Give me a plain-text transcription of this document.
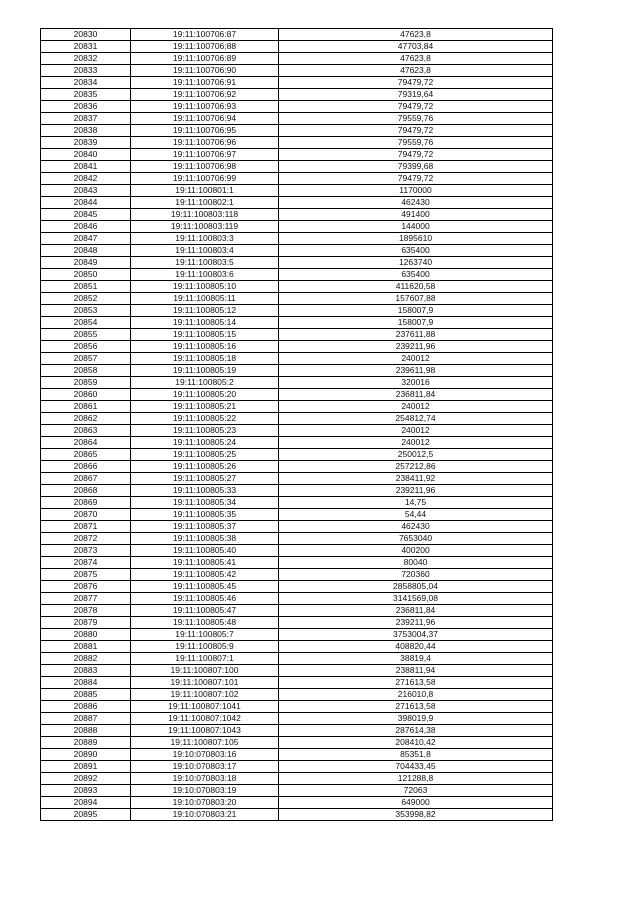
20830	19:11:100706:87	47623,8
20831	19:11:100706:88	47703,84
20832	19:11:100706:89	47623,8
20833	19:11:100706:90	47623,8
20834	19:11:100706:91	79479,72
20835	19:11:100706:92	79319,64
20836	19:11:100706:93	79479,72
20837	19:11:100706:94	79559,76
20838	19:11:100706:95	79479,72
20839	19:11:100706:96	79559,76
20840	19:11:100706:97	79479,72
20841	19:11:100706:98	79399,68
20842	19:11:100706:99	79479,72
20843	19:11:100801:1	1170000
20844	19:11:100802:1	462430
20845	19:11:100803:118	491400
20846	19:11:100803:119	144000
20847	19:11:100803:3	1895610
20848	19:11:100803:4	635400
20849	19:11:100803:5	1263740
20850	19:11:100803:6	635400
20851	19:11:100805:10	411620,58
20852	19:11:100805:11	157607,88
20853	19:11:100805:12	158007,9
20854	19:11:100805:14	158007,9
20855	19:11:100805:15	237611,88
20856	19:11:100805:16	239211,96
20857	19:11:100805:18	240012
20858	19:11:100805:19	239611,98
20859	19:11:100805:2	320016
20860	19:11:100805:20	236811,84
20861	19:11:100805:21	240012
20862	19:11:100805:22	254812,74
20863	19:11:100805:23	240012
20864	19:11:100805:24	240012
20865	19:11:100805:25	250012,5
20866	19:11:100805:26	257212,86
20867	19:11:100805:27	238411,92
20868	19:11:100805:33	239211,96
20869	19:11:100805:34	14,75
20870	19:11:100805:35	54,44
20871	19:11:100805:37	462430
20872	19:11:100805:38	7653040
20873	19:11:100805:40	400200
20874	19:11:100805:41	80040
20875	19:11:100805:42	720360
20876	19:11:100805:45	2858805,04
20877	19:11:100805:46	3141569,08
20878	19:11:100805:47	236811,84
20879	19:11:100805:48	239211,96
20880	19:11:100805:7	3753004,37
20881	19:11:100805:9	408820,44
20882	19:11:100807:1	38819,4
20883	19:11:100807:100	238811,94
20884	19:11:100807:101	271613,58
20885	19:11:100807:102	216010,8
20886	19:11:100807:1041	271613,58
20887	19:11:100807:1042	398019,9
20888	19:11:100807:1043	287614,38
20889	19:11:100807:105	208410,42
20890	19:10:070803:16	85351,8
20891	19:10:070803:17	704433,45
20892	19:10:070803:18	121288,8
20893	19:10:070803:19	72063
20894	19:10:070803:20	649000
20895	19:10:070803:21	353998,82
